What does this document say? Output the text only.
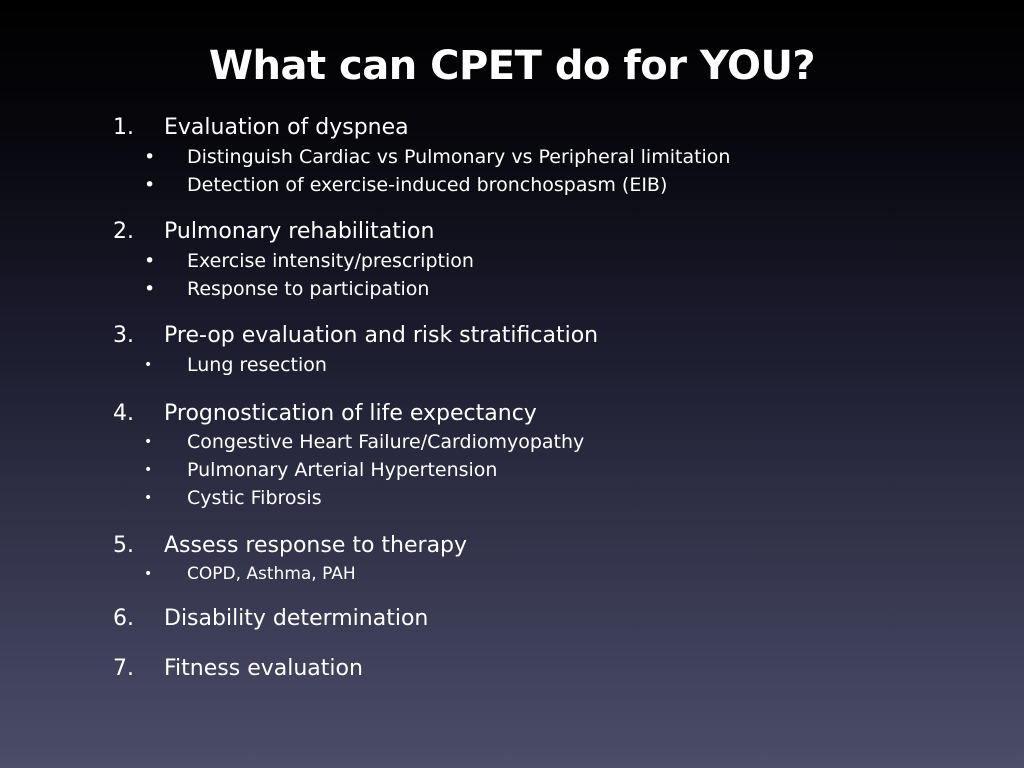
What can CPET do for YOU?
1. Evaluation of dyspnea
• Distinguish Cardiac vs Pulmonary vs Peripheral limitation
• Detection of exercise-induced bronchospasm (EIB)
2. Pulmonary rehabilitation
• Exercise intensity/prescription
• Response to participation
3. Pre-op evaluation and risk stratification
• Lung resection
4. Prognostication of life expectancy
• Congestive Heart Failure/Cardiomyopathy
• Pulmonary Arterial Hypertension
• Cystic Fibrosis
5. Assess response to therapy
• COPD, Asthma, PAH
6. Disability determination
7. Fitness evaluation
